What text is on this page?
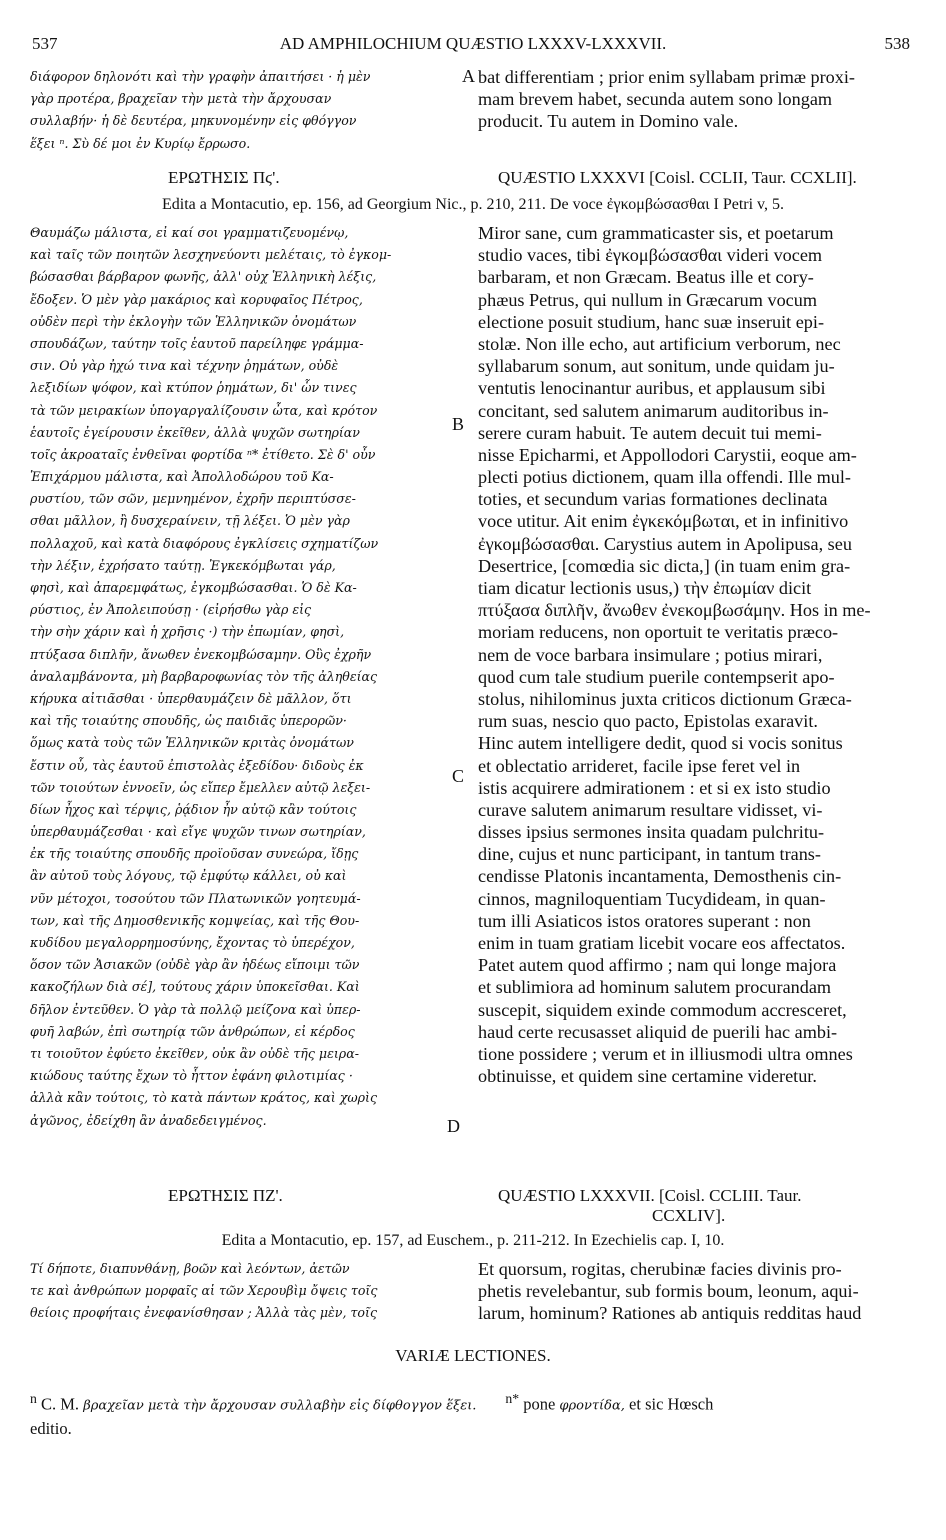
537	AD AMPHILOCHIUM QUÆSTIO LXXXV-LXXXVII.	538
διάφορον δηλονότι καὶ τὴν γραφὴν ἀπαιτήσει · ἡ μὲν
γὰρ προτέρα, βραχεῖαν τὴν μετὰ τὴν ἄρχουσαν
συλλαβήν· ἡ δὲ δευτέρα, μηκυνομένην εἰς φθόγγον
ἕξει ⁿ. Σὺ δέ μοι ἐν Κυρίῳ ἔρρωσο.
bat differentiam ; prior enim syllabam primæ proxi-
mam brevem habet, secunda autem sono longam
producit. Tu autem in Domino vale.
A
ΕΡΩΤΗΣΙΣ Πϛ'.	QUÆSTIO LXXXVI [Coisl. CCLII, Taur. CCXLII].
Edita a Montacutio, ep. 156, ad Georgium Nic., p. 210, 211. De voce ἐγκομβώσασθαι I Petri v, 5.
Θαυμάζω μάλιστα, εἰ καί σοι γραμματιζευομένῳ,
καὶ ταῖς τῶν ποιητῶν λεσχηνεύοντι μελέταις, τὸ ἐγκομ-
βώσασθαι βάρβαρον φωνῆς, ἀλλ' οὐχ Ἑλληνικὴ λέξις,
ἔδοξεν. Ὁ μὲν γὰρ μακάριος καὶ κορυφαῖος Πέτρος,
οὐδὲν περὶ τὴν ἐκλογὴν τῶν Ἑλληνικῶν ὀνομάτων
σπουδάζων, ταύτην τοῖς ἑαυτοῦ παρείληφε γράμμα-
σιν. Οὐ γὰρ ἠχώ τινα καὶ τέχνην ῥημάτων, οὐδὲ
λεξιδίων ψόφον, καὶ κτύπον ῥημάτων, δι' ὧν τινες
τὰ τῶν μειρακίων ὑπογαργαλίζουσιν ὦτα, καὶ κρότον
ἑαυτοῖς ἐγείρουσιν ἐκεῖθεν, ἀλλὰ ψυχῶν σωτηρίαν
τοῖς ἀκροαταῖς ἐνθεῖναι φορτίδα ⁿ* ἐτίθετο. Σὲ δ' οὖν
Ἐπιχάρμου μάλιστα, καὶ Ἀπολλοδώρου τοῦ Κα-
ρυστίου, τῶν σῶν, μεμνημένον, ἐχρῆν περιπτύσσε-
σθαι μᾶλλον, ἢ δυσχεραίνειν, τῇ λέξει. Ὁ μὲν γὰρ
πολλαχοῦ, καὶ κατὰ διαφόρους ἐγκλίσεις σχηματίζων
τὴν λέξιν, ἐχρήσατο ταύτῃ. Ἐγκεκόμβωται γάρ,
φησὶ, καὶ ἀπαρεμφάτως, ἐγκομβώσασθαι. Ὁ δὲ Κα-
ρύστιος, ἐν Ἀπολειπούσῃ · (εἰρήσθω γὰρ εἰς
τὴν σὴν χάριν καὶ ἡ χρῆσις ·) τὴν ἐπωμίαν, φησὶ,
πτύξασα διπλῆν, ἄνωθεν ἐνεκομβώσαμην. Οὓς ἐχρῆν
ἀναλαμβάνοντα, μὴ βαρβαροφωνίας τὸν τῆς ἀληθείας
κήρυκα αἰτιᾶσθαι · ὑπερθαυμάζειν δὲ μᾶλλον, ὅτι
καὶ τῆς τοιαύτης σπουδῆς, ὡς παιδιᾶς ὑπερορῶν·
ὅμως κατὰ τοὺς τῶν Ἑλληνικῶν κριτὰς ὀνομάτων
ἔστιν οὗ, τὰς ἑαυτοῦ ἐπιστολὰς ἐξεδίδου· διδοὺς ἐκ
τῶν τοιούτων ἐννοεῖν, ὡς εἴπερ ἔμελλεν αὐτῷ λεξει-
δίων ἦχος καὶ τέρψις, ῥᾴδιον ἦν αὐτῷ κἂν τούτοις
ὑπερθαυμάζεσθαι · καὶ εἴγε ψυχῶν τινων σωτηρίαν,
ἐκ τῆς τοιαύτης σπουδῆς προϊοῦσαν συνεώρα, ἴδῃς
ἂν αὐτοῦ τοὺς λόγους, τῷ ἐμφύτῳ κάλλει, οὐ καὶ
νῦν μέτοχοι, τοσούτου τῶν Πλατωνικῶν γοητευμά-
των, καὶ τῆς Δημοσθενικῆς κομψείας, καὶ τῆς Θου-
κυδίδου μεγαλορρημοσύνης, ἔχοντας τὸ ὑπερέχον,
ὅσον τῶν Ἀσιακῶν (οὐδὲ γὰρ ἂν ἡδέως εἴποιμι τῶν
κακοζήλων διὰ σέ], τούτους χάριν ὑποκεῖσθαι. Καὶ
δῆλον ἐντεῦθεν. Ὁ γὰρ τὰ πολλῷ μείζονα καὶ ὑπερ-
φυῆ λαβών, ἐπὶ σωτηρίᾳ τῶν ἀνθρώπων, εἰ κέρδος
τι τοιοῦτον ἐφύετο ἐκεῖθεν, οὐκ ἂν οὐδὲ τῆς μειρα-
κιώδους ταύτης ἔχων τὸ ἧττον ἐφάνη φιλοτιμίας ·
ἀλλὰ κἂν τούτοις, τὸ κατὰ πάντων κράτος, καὶ χωρὶς
ἀγῶνος, ἐδείχθη ἂν ἀναδεδειγμένος.
Miror sane, cum grammaticaster sis, et poetarum
studio vaces, tibi ἐγκομβώσασθαι videri vocem
barbaram, et non Græcam. Beatus ille et cory-
phæus Petrus, qui nullum in Græcarum vocum
electione posuit studium, hanc suæ inseruit epi-
stolæ. Non ille echo, aut artificium verborum, nec
syllabarum sonum, aut sonitum, unde quidam ju-
ventutis lenocinantur auribus, et applausum sibi
concitant, sed salutem animarum auditoribus in-
serere curam habuit. Te autem decuit tui memi-
nisse Epicharmi, et Appollodori Carystii, eoque am-
plecti potius dictionem, quam illa offendi. Ille mul-
toties, et secundum varias formationes declinata
voce utitur. Ait enim ἐγκεκόμβωται, et in infinitivo
ἐγκομβώσασθαι. Carystius autem in Apolipusa, seu
Desertrice, [comœdia sic dicta,] (in tuam enim gra-
tiam dicatur lectionis usus,) τὴν ἐπωμίαν dicit
πτύξασα διπλῆν, ἄνωθεν ἐνεκομβωσάμην. Hos in me-
moriam reducens, non oportuit te veritatis præco-
nem de voce barbara insimulare ; potius mirari,
quod cum tale studium puerile contempserit apo-
stolus, nihilominus juxta criticos dictionum Græca-
rum suas, nescio quo pacto, Epistolas exaravit.
Hinc autem intelligere dedit, quod si vocis sonitus
et oblectatio arrideret, facile ipse feret vel in
istis acquirere admirationem : et si ex isto studio
curave salutem animarum resultare vidisset, vi-
disses ipsius sermones insita quadam pulchritu-
dine, cujus et nunc participant, in tantum trans-
cendisse Platonis incantamenta, Demosthenis cin-
cinnos, magniloquentiam Tucydideam, in quan-
tum illi Asiaticos istos oratores superant : non
enim in tuam gratiam licebit vocare eos affectatos.
Patet autem quod affirmo ; nam qui longe majora
et sublimiora ad hominum salutem procurandam
suscepit, siquidem exinde commodum accresceret,
haud certe recusasset aliquid de puerili hac ambi-
tione possidere ; verum et in illiusmodi ultra omnes
obtinuisse, et quidem sine certamine videretur.
B
C
D
ΕΡΩΤΗΣΙΣ ΠΖ'.	QUÆSTIO LXXXVII. [Coisl. CCLIII. Taur.
CCXLIV].
Edita a Montacutio, ep. 157, ad Euschem., p. 211-212. In Ezechielis cap. I, 10.
Τί δήποτε, διαπυνθάνῃ, βοῶν καὶ λεόντων, ἀετῶν
τε καὶ ἀνθρώπων μορφαῖς αἱ τῶν Χερουβὶμ ὄψεις τοῖς
θείοις προφήταις ἐνεφανίσθησαν ; Ἀλλὰ τὰς μὲν, τοῖς
Et quorsum, rogitas, cherubinæ facies divinis pro-
phetis revelebantur, sub formis boum, leonum, aqui-
larum, hominum? Rationes ab antiquis redditas haud
VARIÆ LECTIONES.
$^n$ C. M. βραχεῖαν μετὰ τὴν ἄρχουσαν συλλαβὴν εἰς δίφθογγον ἕξει. $^{n*}$ pone φροντίδα, et sic Hœsch
editio.
